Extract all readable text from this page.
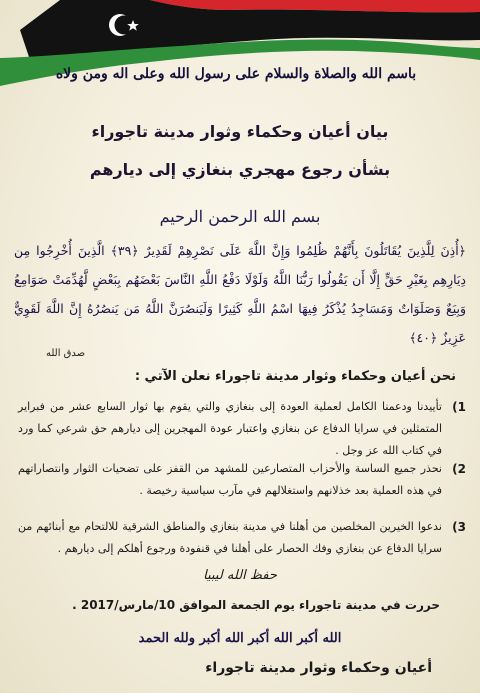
باسم الله والصلاة والسلام على رسول الله وعلى اله ومن ولاه
بيان أعيان وحكماء وثوار مدينة تاجوراء
بشأن رجوع مهجري بنغازي إلى ديارهم
بسم الله الرحمن الرحيم
﴿أُذِنَ لِلَّذِينَ يُقَاتَلُونَ بِأَنَّهُمْ ظُلِمُوا وَإِنَّ اللَّهَ عَلَى نَصْرِهِمْ لَقَدِيرٌ ﴿٣٩﴾ الَّذِينَ أُخْرِجُوا مِن دِيَارِهِم بِغَيْرِ حَقٍّ إِلَّا أَن يَقُولُوا رَبُّنَا اللَّهُ وَلَوْلَا دَفْعُ اللَّهِ النَّاسَ بَعْضَهُم بِبَعْضٍ لَّهُدِّمَتْ صَوَامِعُ وَبِيَعٌ وَصَلَوَاتٌ وَمَسَاجِدُ يُذْكَرُ فِيهَا اسْمُ اللَّهِ كَثِيرًا وَلَيَنصُرَنَّ اللَّهُ مَن يَنصُرُهُ إِنَّ اللَّهَ لَقَوِيٌّ عَزِيزٌ ﴿٤٠﴾
صدق الله
نحن أعيان وحكماء وثوار مدينة تاجوراء نعلن الآتي :
1)
تأييدنا ودعمنا الكامل لعملية العودة إلى بنغازي والتي يقوم بها ثوار السابع عشر من فبراير المتمثلين في سرايا الدفاع عن بنغازي واعتبار عودة المهجرين إلى ديارهم حق شرعي كما ورد في كتاب الله عز وجل .
2)
نحذر جميع الساسة والأحزاب المتصارعين للمشهد من القفز على تضحيات الثوار وانتصاراتهم في هذه العملية بعد خذلانهم واستغلالهم في مآرب سياسية رخيصة .
3)
ندعوا الخيرين المخلصين من أهلنا في مدينة بنغازي والمناطق الشرقية للالتحام مع أبنائهم من سرايا الدفاع عن بنغازي وفك الحصار على أهلنا في قنفودة ورجوع أهلكم إلى ديارهم .
حفظ الله ليبيا
حررت في مدينة تاجوراء يوم الجمعة الموافق 10/مارس/2017 .
الله أكبر الله أكبر الله أكبر ولله الحمد
أعيان وحكماء وثوار مدينة تاجوراء
